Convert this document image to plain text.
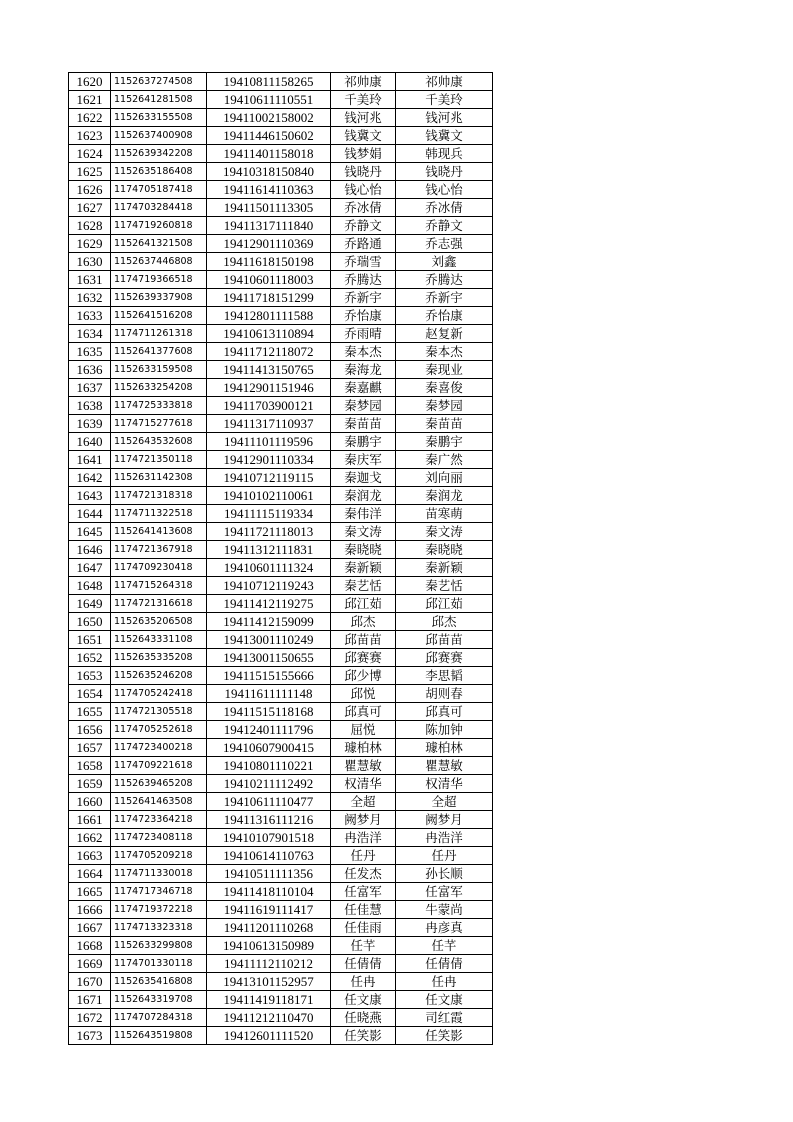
1620	1152637274508	19410811158265	祁帅康	祁帅康
1621	1152641281508	19410611110551	千美玲	千美玲
1622	1152633155508	19411002158002	钱河兆	钱河兆
1623	1152637400908	19411446150602	钱冀文	钱冀文
1624	1152639342208	19411401158018	钱梦娟	韩现兵
1625	1152635186408	19410318150840	钱晓丹	钱晓丹
1626	1174705187418	19411614110363	钱心怡	钱心怡
1627	1174703284418	19411501113305	乔冰倩	乔冰倩
1628	1174719260818	19411317111840	乔静文	乔静文
1629	1152641321508	19412901110369	乔路通	乔志强
1630	1152637446808	19411618150198	乔瑞雪	刘鑫
1631	1174719366518	19410601118003	乔腾达	乔腾达
1632	1152639337908	19411718151299	乔新宇	乔新宇
1633	1152641516208	19412801111588	乔怡康	乔怡康
1634	1174711261318	19410613110894	乔雨晴	赵复新
1635	1152641377608	19411712118072	秦本杰	秦本杰
1636	1152633159508	19411413150765	秦海龙	秦现业
1637	1152633254208	19412901151946	秦嘉麒	秦喜俊
1638	1174725333818	19411703900121	秦梦园	秦梦园
1639	1174715277618	19411317110937	秦苗苗	秦苗苗
1640	1152643532608	19411101119596	秦鹏宇	秦鹏宇
1641	1174721350118	19412901110334	秦庆军	秦广然
1642	1152631142308	19410712119115	秦迦戈	刘向丽
1643	1174721318318	19410102110061	秦润龙	秦润龙
1644	1174711322518	19411115119334	秦伟洋	苗寒萌
1645	1152641413608	19411721118013	秦文涛	秦文涛
1646	1174721367918	19411312111831	秦晓晓	秦晓晓
1647	1174709230418	19410601111324	秦新颖	秦新颖
1648	1174715264318	19410712119243	秦艺恬	秦艺恬
1649	1174721316618	19411412119275	邱江茹	邱江茹
1650	1152635206508	19411412159099	邱杰	邱杰
1651	1152643331108	19413001110249	邱苗苗	邱苗苗
1652	1152635335208	19413001150655	邱赛赛	邱赛赛
1653	1152635246208	19411515155666	邱少博	李思韬
1654	1174705242418	19411611111148	邱悦	胡则春
1655	1174721305518	19411515118168	邱真可	邱真可
1656	1174705252618	19412401111796	屈悦	陈加钟
1657	1174723400218	19410607900415	璩柏林	璩柏林
1658	1174709221618	19410801110221	瞿慧敏	瞿慧敏
1659	1152639465208	19410211112492	权清华	权清华
1660	1152641463508	19410611110477	全超	全超
1661	1174723364218	19411316111216	阙梦月	阙梦月
1662	1174723408118	19410107901518	冉浩洋	冉浩洋
1663	1174705209218	19410614110763	任丹	任丹
1664	1174711330018	19410511111356	任发杰	孙长顺
1665	1174717346718	19411418110104	任富军	任富军
1666	1174719372218	19411619111417	任佳慧	牛蒙尚
1667	1174713323318	19411201110268	任佳雨	冉彦真
1668	1152633299808	19410613150989	任芊	任芊
1669	1174701330118	19411112110212	任倩倩	任倩倩
1670	1152635416808	19413101152957	任冉	任冉
1671	1152643319708	19411419118171	任文康	任文康
1672	1174707284318	19411212110470	任晓燕	司红霞
1673	1152643519808	19412601111520	任笑影	任笑影
